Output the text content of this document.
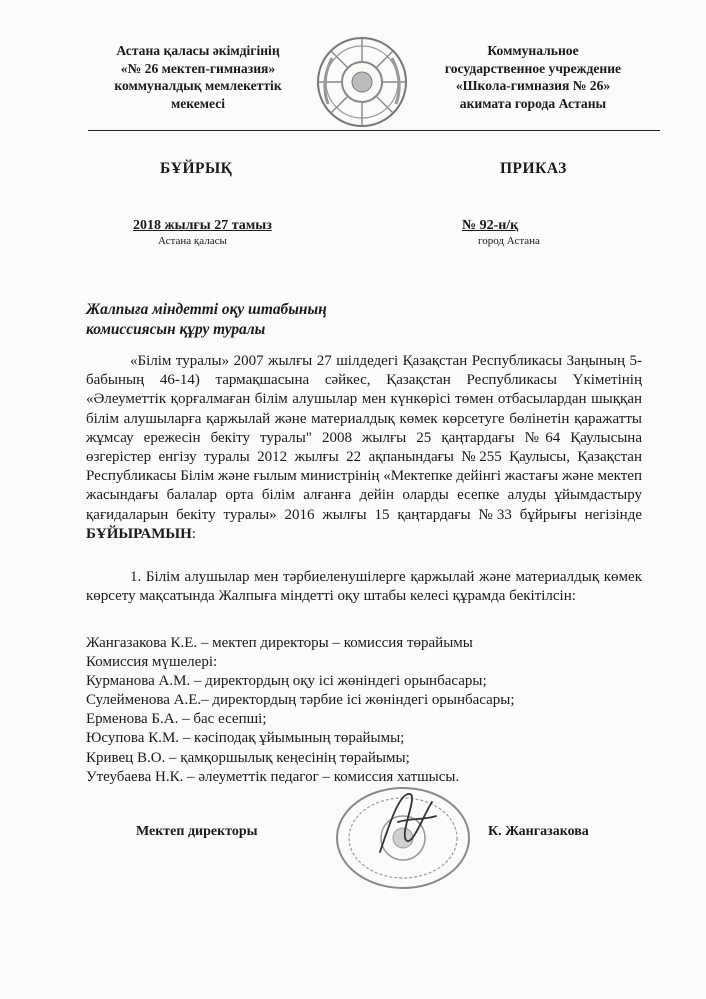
Астана қаласы әкімдігінің
«№ 26 мектеп-гимназия»
коммуналдық мемлекеттік
мекемесі
Коммунальное
государственное учреждение
«Школа-гимназия № 26»
акимата города Астаны
БҰЙРЫҚ	ПРИКАЗ
2018 жылғы 27 тамыз
Астана қаласы
№ 92-н/қ
город Астана
Жалпыға міндетті оқу штабының
комиссиясын құру туралы
«Білім туралы» 2007 жылғы 27 шілдедегі Қазақстан Республикасы Заңының 5-бабының 46-14) тармақшасына сәйкес, Қазақстан Республикасы Үкіметінің «Әлеуметтік қорғалмаған білім алушылар мен күнкөрісі төмен отбасылардан шыққан білім алушыларға қаржылай және материалдық көмек көрсетуге бөлінетін қаражатты жұмсау ережесін бекіту туралы" 2008 жылғы 25 қаңтардағы №64 Қаулысына өзгерістер енгізу туралы 2012 жылғы 22 ақпанындағы №255 Қаулысы, Қазақстан Республикасы Білім және ғылым министрінің «Мектепке дейінгі жастағы және мектеп жасындағы балалар орта білім алғанға дейін оларды есепке алуды ұйымдастыру қағидаларын бекіту туралы» 2016 жылғы 15 қаңтардағы №33 бұйрығы негізінде БҰЙЫРАМЫН:
1. Білім алушылар мен тәрбиеленушілерге қаржылай және материалдық көмек көрсету мақсатында Жалпыға міндетті оқу штабы келесі құрамда бекітілсін:
Жангазакова К.Е. – мектеп директоры – комиссия төрайымы
Комиссия мүшелері:
Курманова А.М. – директордың оқу ісі жөніндегі орынбасары;
Сулейменова А.Е.– директордың тәрбие ісі жөніндегі орынбасары;
Ерменова Б.А. – бас есепші;
Юсупова К.М. – кәсіподақ ұйымының төрайымы;
Кривец В.О. – қамқоршылық кеңесінің төрайымы;
Утеубаева Н.К. – әлеуметтік педагог – комиссия хатшысы.
Мектеп директоры	К. Жангазакова
